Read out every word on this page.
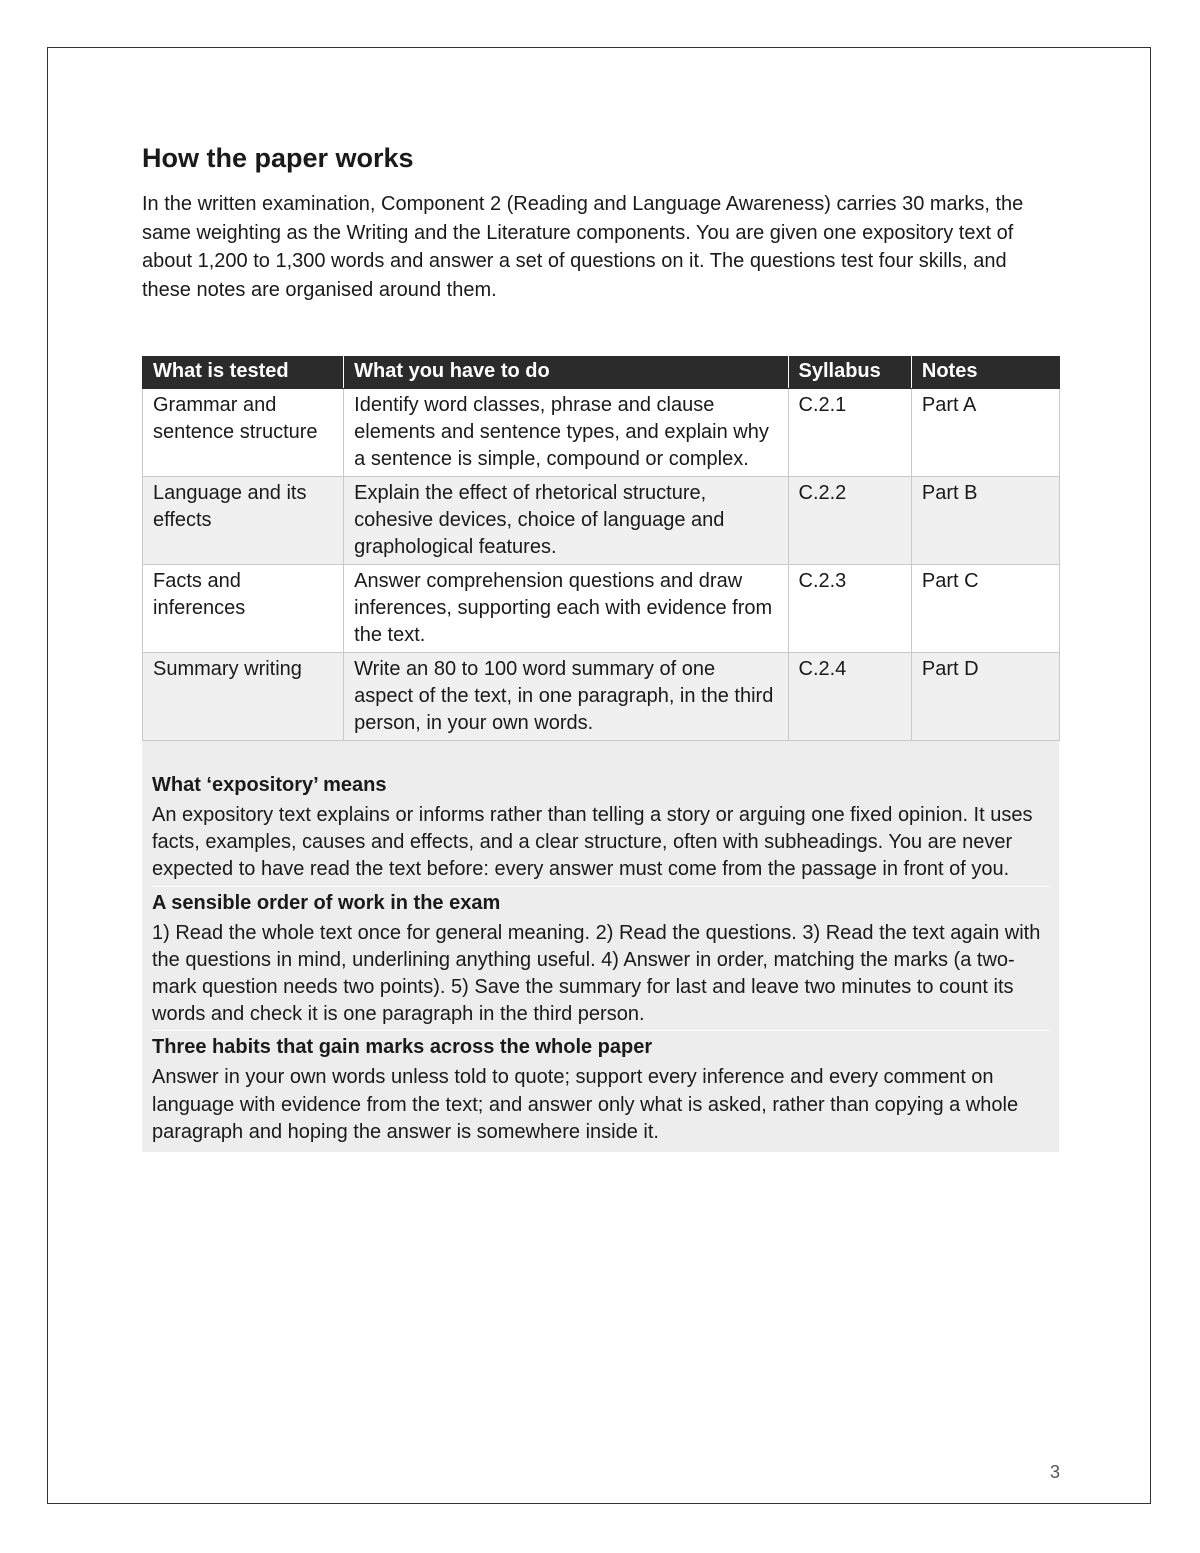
How the paper works

In the written examination, Component 2 (Reading and Language Awareness) carries 30 marks, the same weighting as the Writing and the Literature components. You are given one expository text of about 1,200 to 1,300 words and answer a set of questions on it. The questions test four skills, and these notes are organised around them.

What is tested	What you have to do	Syllabus	Notes
Grammar and sentence structure	Identify word classes, phrase and clause elements and sentence types, and explain why a sentence is simple, compound or complex.	C.2.1	Part A
Language and its effects	Explain the effect of rhetorical structure, cohesive devices, choice of language and graphological features.	C.2.2	Part B
Facts and inferences	Answer comprehension questions and draw inferences, supporting each with evidence from the text.	C.2.3	Part C
Summary writing	Write an 80 to 100 word summary of one aspect of the text, in one paragraph, in the third person, in your own words.	C.2.4	Part D

What ‘expository’ means

An expository text explains or informs rather than telling a story or arguing one fixed opinion. It uses facts, examples, causes and effects, and a clear structure, often with subheadings. You are never expected to have read the text before: every answer must come from the passage in front of you.

A sensible order of work in the exam

1) Read the whole text once for general meaning. 2) Read the questions. 3) Read the text again with the questions in mind, underlining anything useful. 4) Answer in order, matching the marks (a two-mark question needs two points). 5) Save the summary for last and leave two minutes to count its words and check it is one paragraph in the third person.

Three habits that gain marks across the whole paper

Answer in your own words unless told to quote; support every inference and every comment on language with evidence from the text; and answer only what is asked, rather than copying a whole paragraph and hoping the answer is somewhere inside it.

3
